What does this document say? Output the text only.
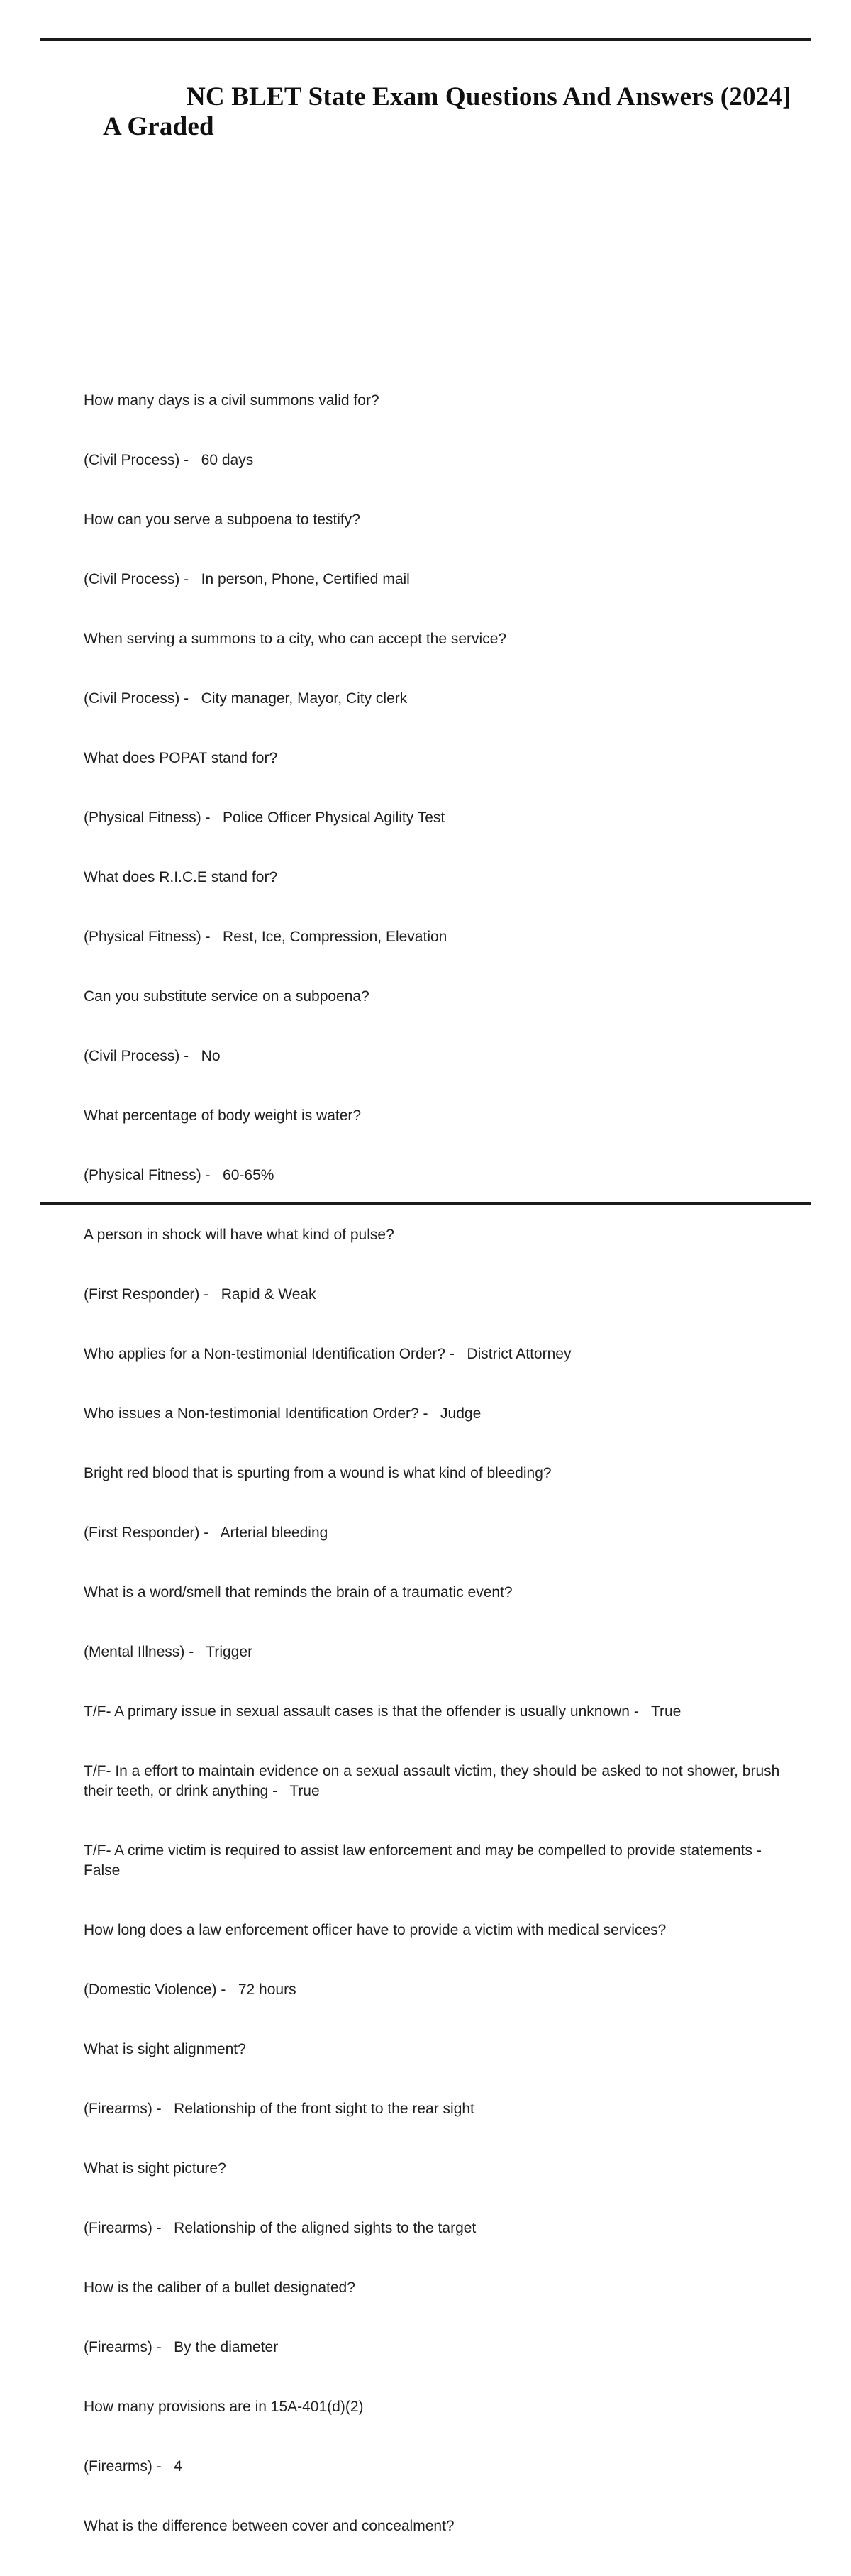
NC BLET State Exam Questions And Answers (2024]
A Graded

How many days is a civil summons valid for?

(Civil Process) -   60 days

How can you serve a subpoena to testify?

(Civil Process) -   In person, Phone, Certified mail

When serving a summons to a city, who can accept the service?

(Civil Process) -   City manager, Mayor, City clerk

What does POPAT stand for?

(Physical Fitness) -   Police Officer Physical Agility Test

What does R.I.C.E stand for?

(Physical Fitness) -   Rest, Ice, Compression, Elevation

Can you substitute service on a subpoena?

(Civil Process) -   No

What percentage of body weight is water?

(Physical Fitness) -   60-65%

A person in shock will have what kind of pulse?

(First Responder) -   Rapid & Weak

Who applies for a Non-testimonial Identification Order? -   District Attorney

Who issues a Non-testimonial Identification Order? -   Judge

Bright red blood that is spurting from a wound is what kind of bleeding?

(First Responder) -   Arterial bleeding

What is a word/smell that reminds the brain of a traumatic event?

(Mental Illness) -   Trigger

T/F- A primary issue in sexual assault cases is that the offender is usually unknown -   True

T/F- In a effort to maintain evidence on a sexual assault victim, they should be asked to not shower, brush their teeth, or drink anything -   True

T/F- A crime victim is required to assist law enforcement and may be compelled to provide statements -   False

How long does a law enforcement officer have to provide a victim with medical services?

(Domestic Violence) -   72 hours

What is sight alignment?

(Firearms) -   Relationship of the front sight to the rear sight

What is sight picture?

(Firearms) -   Relationship of the aligned sights to the target

How is the caliber of a bullet designated?

(Firearms) -   By the diameter

How many provisions are in 15A-401(d)(2)

(Firearms) -   4

What is the difference between cover and concealment?
